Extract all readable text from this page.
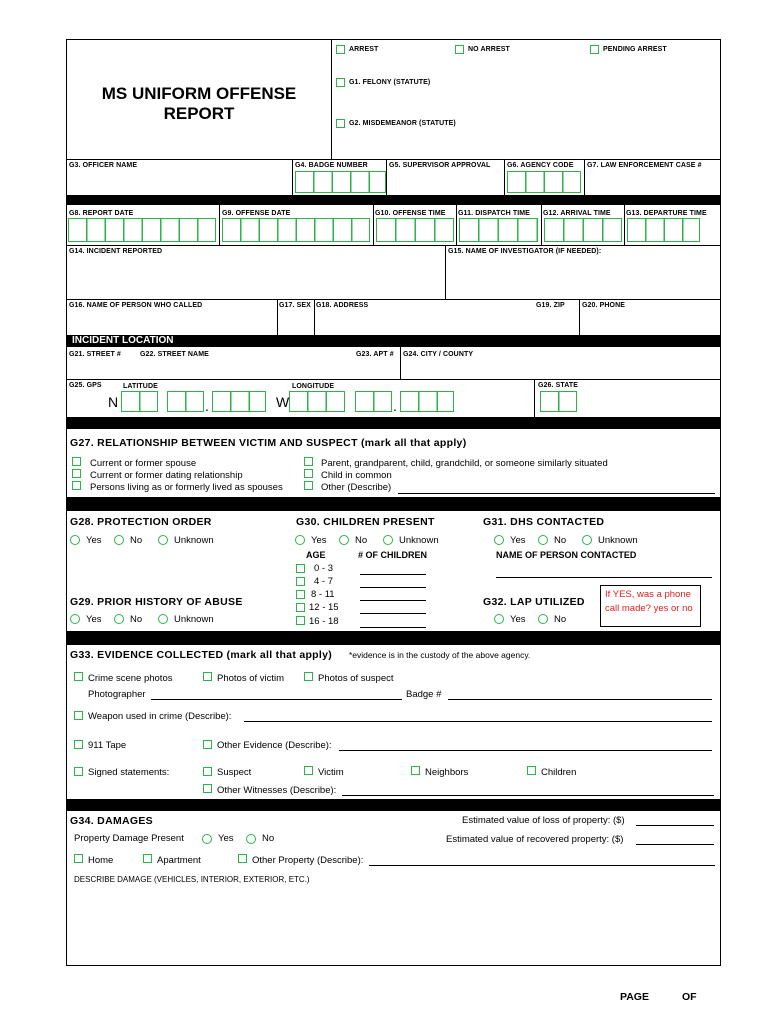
MS UNIFORM OFFENSE REPORT
ARREST	NO ARREST	PENDING ARREST
G1. FELONY (STATUTE)
G2. MISDEMEANOR (STATUTE)
G3. OFFICER NAME	G4. BADGE NUMBER	G5. SUPERVISOR APPROVAL G6. AGENCY CODE G7. LAW ENFORCEMENT CASE #
G8. REPORT DATE	G9. OFFENSE DATE	G10. OFFENSE TIME G11. DISPATCH TIME G12. ARRIVAL TIME G13. DEPARTURE TIME
G14. INCIDENT REPORTED	G15. NAME OF INVESTIGATOR (IF NEEDED):
G16. NAME OF PERSON WHO CALLED	G17. SEX G18. ADDRESS	G19. ZIP G20. PHONE
INCIDENT LOCATION
G21. STREET #	G22. STREET NAME	G23. APT # G24. CITY / COUNTY
G25. GPS	LATITUDE	LONGITUDE	G26. STATE
N	.	W	.
G27. RELATIONSHIP BETWEEN VICTIM AND SUSPECT (mark all that apply)
Current or former spouse
Current or former dating relationship
Persons living as or formerly lived as spouses
Parent, grandparent, child, grandchild, or someone similarly situated
Child in common
Other (Describe)
G28. PROTECTION ORDER
Yes	No	Unknown
G29. PRIOR HISTORY OF ABUSE
Yes	No	Unknown
G30. CHILDREN PRESENT
Yes	No	Unknown
AGE	# OF CHILDREN
0 - 3
4 - 7
8 - 11
12 - 15
16 - 18
G31. DHS CONTACTED
Yes	No	Unknown
NAME OF PERSON CONTACTED
G32. LAP UTILIZED
Yes	No
If YES, was a phone call made? yes or no
G33. EVIDENCE COLLECTED (mark all that apply) *evidence is in the custody of the above agency.
Crime scene photos	Photos of victim	Photos of suspect
Photographer	Badge #
Weapon used in crime (Describe):
911 Tape	Other Evidence (Describe):
Signed statements:	Suspect	Victim	Neighbors	Children
Other Witnesses (Describe):
G34. DAMAGES	Estimated value of loss of property: ($)
Property Damage Present	Yes	No	Estimated value of recovered property: ($)
Home	Apartment	Other Property (Describe):
DESCRIBE DAMAGE (VEHICLES, INTERIOR, EXTERIOR, ETC.)
PAGE	OF
